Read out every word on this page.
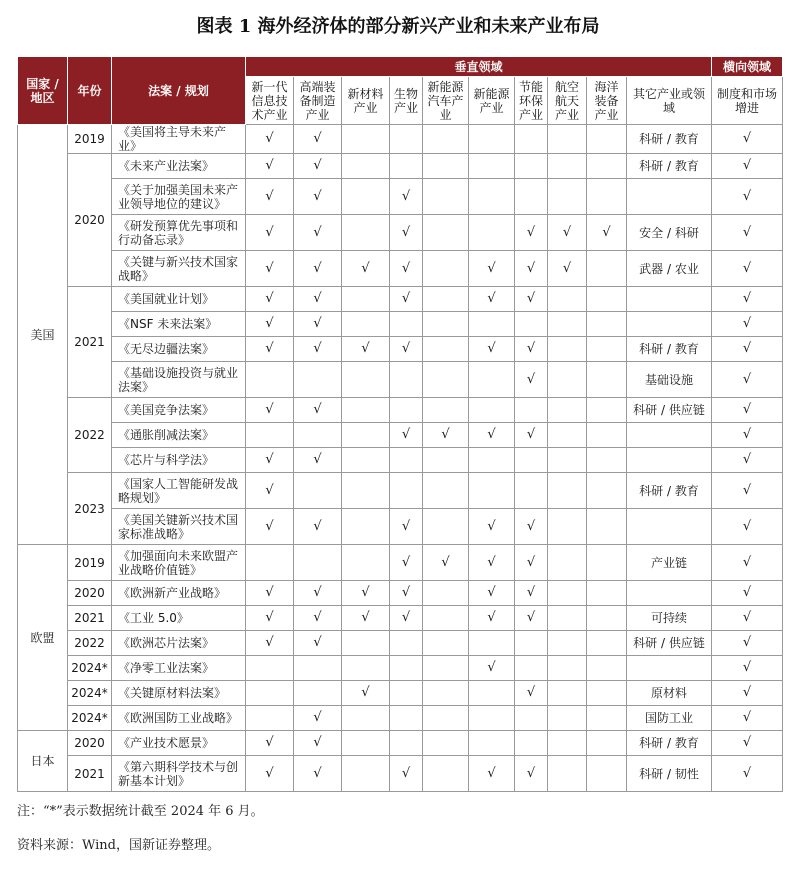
图表 1 海外经济体的部分新兴产业和未来产业布局
国家 / 地区	年份	法案 / 规划	垂直领域										横向领域
			新一代信息技术产业	高端装备制造产业	新材料产业	生物产业	新能源汽车产业	新能源产业	节能环保产业	航空航天产业	海洋装备产业	其它产业或领域	制度和市场增进
美国	2019	《美国将主导未来产业》	√	√								科研 / 教育	√
	2020	《未来产业法案》	√	√								科研 / 教育	√
		《关于加强美国未来产业领导地位的建议》	√	√		√							√
		《研发预算优先事项和行动备忘录》	√	√		√			√	√	√	安全 / 科研	√
		《关键与新兴技术国家战略》	√	√	√	√		√	√	√		武器 / 农业	√
	2021	《美国就业计划》	√	√		√		√	√				√
		《NSF 未来法案》	√	√									√
		《无尽边疆法案》	√	√	√	√		√	√			科研 / 教育	√
		《基础设施投资与就业法案》							√			基础设施	√
	2022	《美国竞争法案》	√	√								科研 / 供应链	√
		《通胀削减法案》				√	√	√	√				√
		《芯片与科学法》	√	√									√
	2023	《国家人工智能研发战略规划》	√									科研 / 教育	√
		《美国关键新兴技术国家标准战略》	√	√		√		√	√				√
欧盟	2019	《加强面向未来欧盟产业战略价值链》				√	√	√	√			产业链	√
	2020	《欧洲新产业战略》	√	√	√	√		√	√				√
	2021	《工业 5.0》	√	√	√	√		√	√			可持续	√
	2022	《欧洲芯片法案》	√	√								科研 / 供应链	√
	2024*	《净零工业法案》						√					√
	2024*	《关键原材料法案》			√				√			原材料	√
	2024*	《欧洲国防工业战略》		√								国防工业	√
日本	2020	《产业技术愿景》	√	√								科研 / 教育	√
	2021	《第六期科学技术与创新基本计划》	√	√		√		√	√			科研 / 韧性	√
注：“*”表示数据统计截至 2024 年 6 月。
资料来源：Wind，国新证券整理。
